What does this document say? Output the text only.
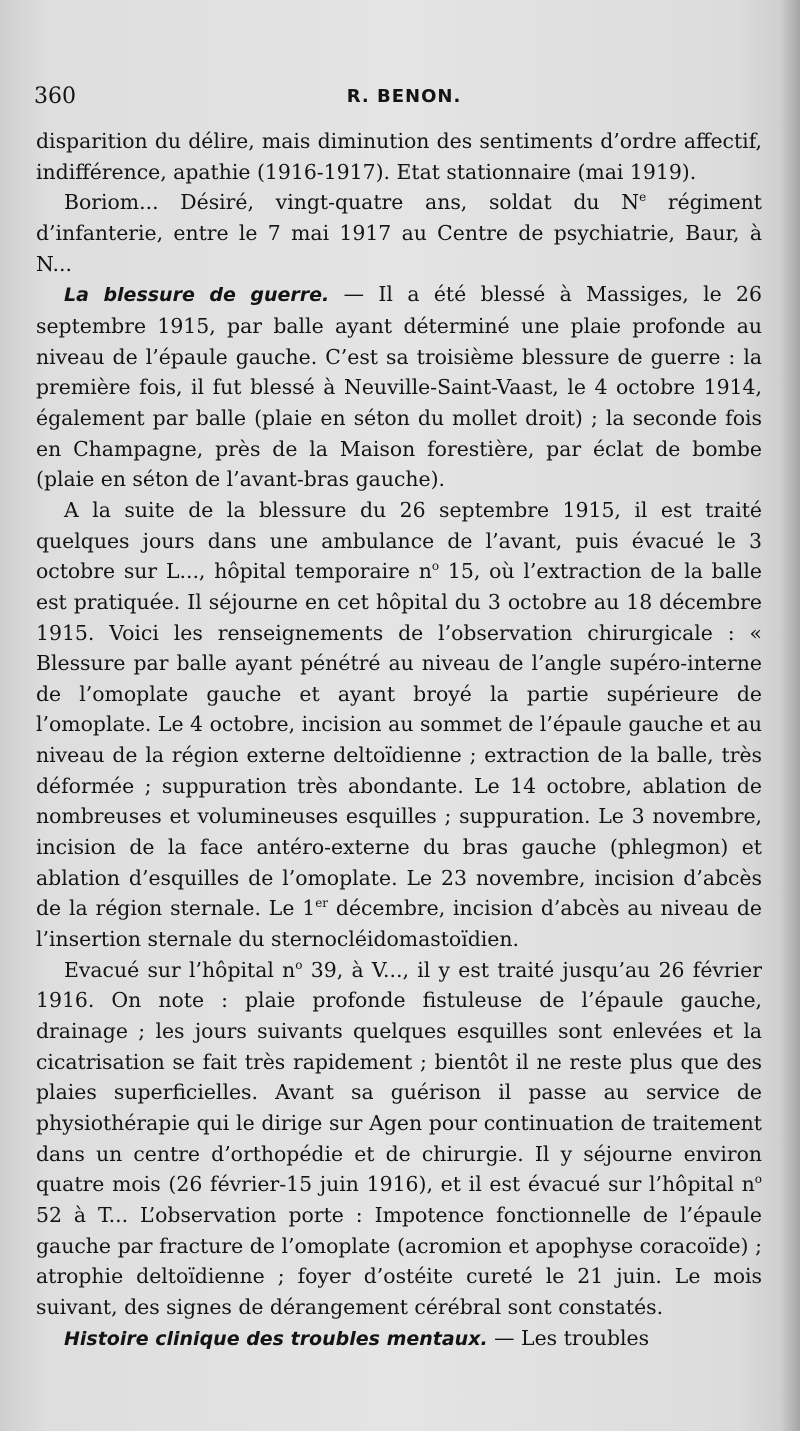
360	R. BENON.

disparition du délire, mais diminution des sentiments d’ordre affectif, indifférence, apathie (1916-1917). Etat stationnaire (mai 1919).

Boriom... Désiré, vingt-quatre ans, soldat du $N^e$ régiment d’infanterie, entre le 7 mai 1917 au Centre de psychiatrie, Baur, à N...

La blessure de guerre. — Il a été blessé à Massiges, le 26 septembre 1915, par balle ayant déterminé une plaie profonde au niveau de l’épaule gauche. C’est sa troisième blessure de guerre : la première fois, il fut blessé à Neuville-Saint-Vaast, le 4 octobre 1914, également par balle (plaie en séton du mollet droit) ; la seconde fois en Champagne, près de la Maison forestière, par éclat de bombe (plaie en séton de l’avant-bras gauche).

A la suite de la blessure du 26 septembre 1915, il est traité quelques jours dans une ambulance de l’avant, puis évacué le 3 octobre sur L..., hôpital temporaire $n^o$ 15, où l’extraction de la balle est pratiquée. Il séjourne en cet hôpital du 3 octobre au 18 décembre 1915. Voici les renseignements de l’observation chirurgicale : « Blessure par balle ayant pénétré au niveau de l’angle supéro-interne de l’omoplate gauche et ayant broyé la partie supérieure de l’omoplate. Le 4 octobre, incision au sommet de l’épaule gauche et au niveau de la région externe deltoïdienne ; extraction de la balle, très déformée ; suppuration très abondante. Le 14 octobre, ablation de nombreuses et volumineuses esquilles ; suppuration. Le 3 novembre, incision de la face antéro-externe du bras gauche (phlegmon) et ablation d’esquilles de l’omoplate. Le 23 novembre, incision d’abcès de la région sternale. Le 1er décembre, incision d’abcès au niveau de l’insertion sternale du sternocléidomastoïdien.

Evacué sur l’hôpital $n^o$ 39, à V..., il y est traité jusqu’au 26 février 1916. On note : plaie profonde fistuleuse de l’épaule gauche, drainage ; les jours suivants quelques esquilles sont enlevées et la cicatrisation se fait très rapidement ; bientôt il ne reste plus que des plaies superficielles. Avant sa guérison il passe au service de physiothérapie qui le dirige sur Agen pour continuation de traitement dans un centre d’orthopédie et de chirurgie. Il y séjourne environ quatre mois (26 février-15 juin 1916), et il est évacué sur l’hôpital $n^o$ 52 à T... L’observation porte : Impotence fonctionnelle de l’épaule gauche par fracture de l’omoplate (acromion et apophyse coracoïde) ; atrophie deltoïdienne ; foyer d’ostéite cureté le 21 juin. Le mois suivant, des signes de dérangement cérébral sont constatés.

Histoire clinique des troubles mentaux. — Les troubles
